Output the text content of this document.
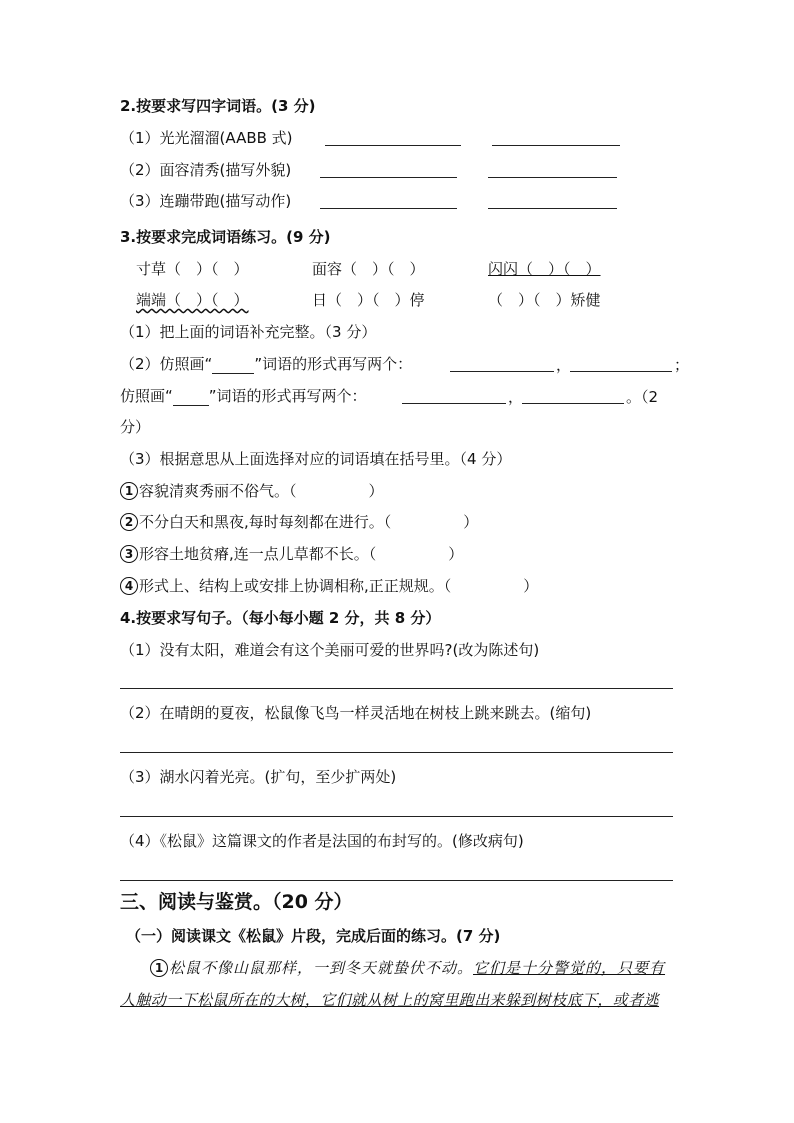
2.按要求写四字词语。(3 分)
（1）光光溜溜(AABB 式)
（2）面容清秀(描写外貌)
（3）连蹦带跑(描写动作)
3.按要求完成词语练习。(9 分)
寸草（　）（　）	面容（　）（　）	闪闪（　）（　）
端端（　）（　）	日（　）（　）停	（　）（　）矫健
（1）把上面的词语补充完整。（3 分）
（2）仿照画“	”词语的形式再写两个：	，	；
仿照画“ ”词语的形式再写两个：	，	。（2
分）
（3）根据意思从上面选择对应的词语填在括号里。（4 分）
1 容貌清爽秀丽不俗气。（	）
2 不分白天和黑夜,每时每刻都在进行。（	）
3 形容土地贫瘠,连一点儿草都不长。（	）
4 形式上、结构上或安排上协调相称,正正规规。（	）
4.按要求写句子。（每小每小题 2 分，共 8 分）
（1）没有太阳，难道会有这个美丽可爱的世界吗?(改为陈述句)
（2）在晴朗的夏夜，松鼠像飞鸟一样灵活地在树枝上跳来跳去。(缩句)
（3）湖水闪着光亮。(扩句，至少扩两处)
（4）《松鼠》这篇课文的作者是法国的布封写的。(修改病句)
三、阅读与鉴赏。（20 分）
（一）阅读课文《松鼠》片段，完成后面的练习。(7 分)
1 松鼠不像山鼠那样，一到冬天就蛰伏不动。它们是十分警觉的，只要有
人触动一下松鼠所在的大树，它们就从树上的窝里跑出来躲到树枝底下，或者逃
